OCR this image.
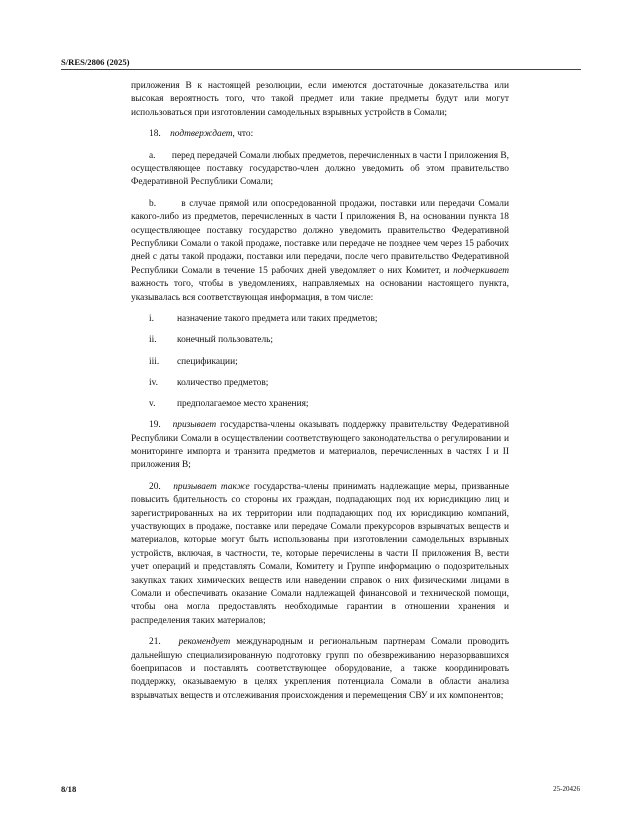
S/RES/2806 (2025)

приложения В к настоящей резолюции, если имеются достаточные доказательства или высокая вероятность того, что такой предмет или такие предметы будут или могут использоваться при изготовлении самодельных взрывных устройств в Сомали;

18. подтверждает, что:

a. перед передачей Сомали любых предметов, перечисленных в части I приложения В, осуществляющее поставку государство-член должно уведомить об этом правительство Федеративной Республики Сомали;

b.	в случае прямой или опосредованной продажи, поставки или передачи Сомали какого-либо из предметов, перечисленных в части I приложения В, на основании пункта 18 осуществляющее поставку государство должно уведомить правительство Федеративной Республики Сомали о такой продаже, поставке или передаче не позднее чем через 15 рабочих дней с даты такой продажи, поставки или передачи, после чего правительство Федеративной Республики Сомали в течение 15 рабочих дней уведомляет о них Комитет, и подчеркивает важность того, чтобы в уведомлениях, направляемых на основании настоящего пункта, указывалась вся соответствующая информация, в том числе:

i.	назначение такого предмета или таких предметов;
ii.	конечный пользователь;
iii.	спецификации;
iv.	количество предметов;
v.	предполагаемое место хранения;

19. призывает государства-члены оказывать поддержку правительству Федеративной Республики Сомали в осуществлении соответствующего законодательства о регулировании и мониторинге импорта и транзита предметов и материалов, перечисленных в частях I и II приложения В;

20. призывает также государства-члены принимать надлежащие меры, призванные повысить бдительность со стороны их граждан, подпадающих под их юрисдикцию лиц и зарегистрированных на их территории или подпадающих под их юрисдикцию компаний, участвующих в продаже, поставке или передаче Сомали прекурсоров взрывчатых веществ и материалов, которые могут быть использованы при изготовлении самодельных взрывных устройств, включая, в частности, те, которые перечислены в части II приложения В, вести учет операций и представлять Сомали, Комитету и Группе информацию о подозрительных закупках таких химических веществ или наведении справок о них физическими лицами в Сомали и обеспечивать оказание Сомали надлежащей финансовой и технической помощи, чтобы она могла предоставлять необходимые гарантии в отношении хранения и распределения таких материалов;

21. рекомендует международным и региональным партнерам Сомали проводить дальнейшую специализированную подготовку групп по обезвреживанию неразорвавшихся боеприпасов и поставлять соответствующее оборудование, а также координировать поддержку, оказываемую в целях укрепления потенциала Сомали в области анализа взрывчатых веществ и отслеживания происхождения и перемещения СВУ и их компонентов;

8/18	25-20426
